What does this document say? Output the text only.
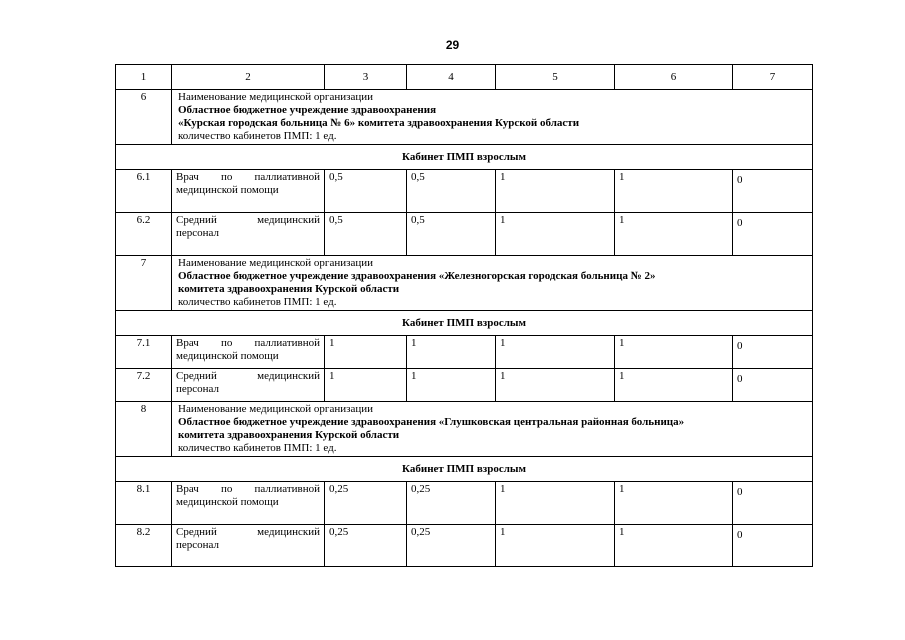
29
1	2	3	4	5	6	7
6	Наименование медицинской организации
Областное бюджетное учреждение здравоохранения
«Курская городская больница № 6» комитета здравоохранения Курской области
количество кабинетов ПМП: 1 ед.					

Кабинет ПМП взрослым						
6.1	Врач по паллиативной
медицинской помощи	0,5	0,5	1	1	0
6.2	Средний медицинский
персонал	0,5	0,5	1	1	0
7	Наименование медицинской организации
Областное бюджетное учреждение здравоохранения «Железногорская городская больница № 2»
комитета здравоохранения Курской области
количество кабинетов ПМП: 1 ед.					

Кабинет ПМП взрослым						
7.1	Врач по паллиативной
медицинской помощи	1	1	1	1	0
7.2	Средний медицинский
персонал	1	1	1	1	0
8	Наименование медицинской организации
Областное бюджетное учреждение здравоохранения «Глушковская центральная районная больница»
комитета здравоохранения Курской области
количество кабинетов ПМП: 1 ед.					

Кабинет ПМП взрослым						
8.1	Врач по паллиативной
медицинской помощи	0,25	0,25	1	1	0
8.2	Средний медицинский
персонал	0,25	0,25	1	1	0
